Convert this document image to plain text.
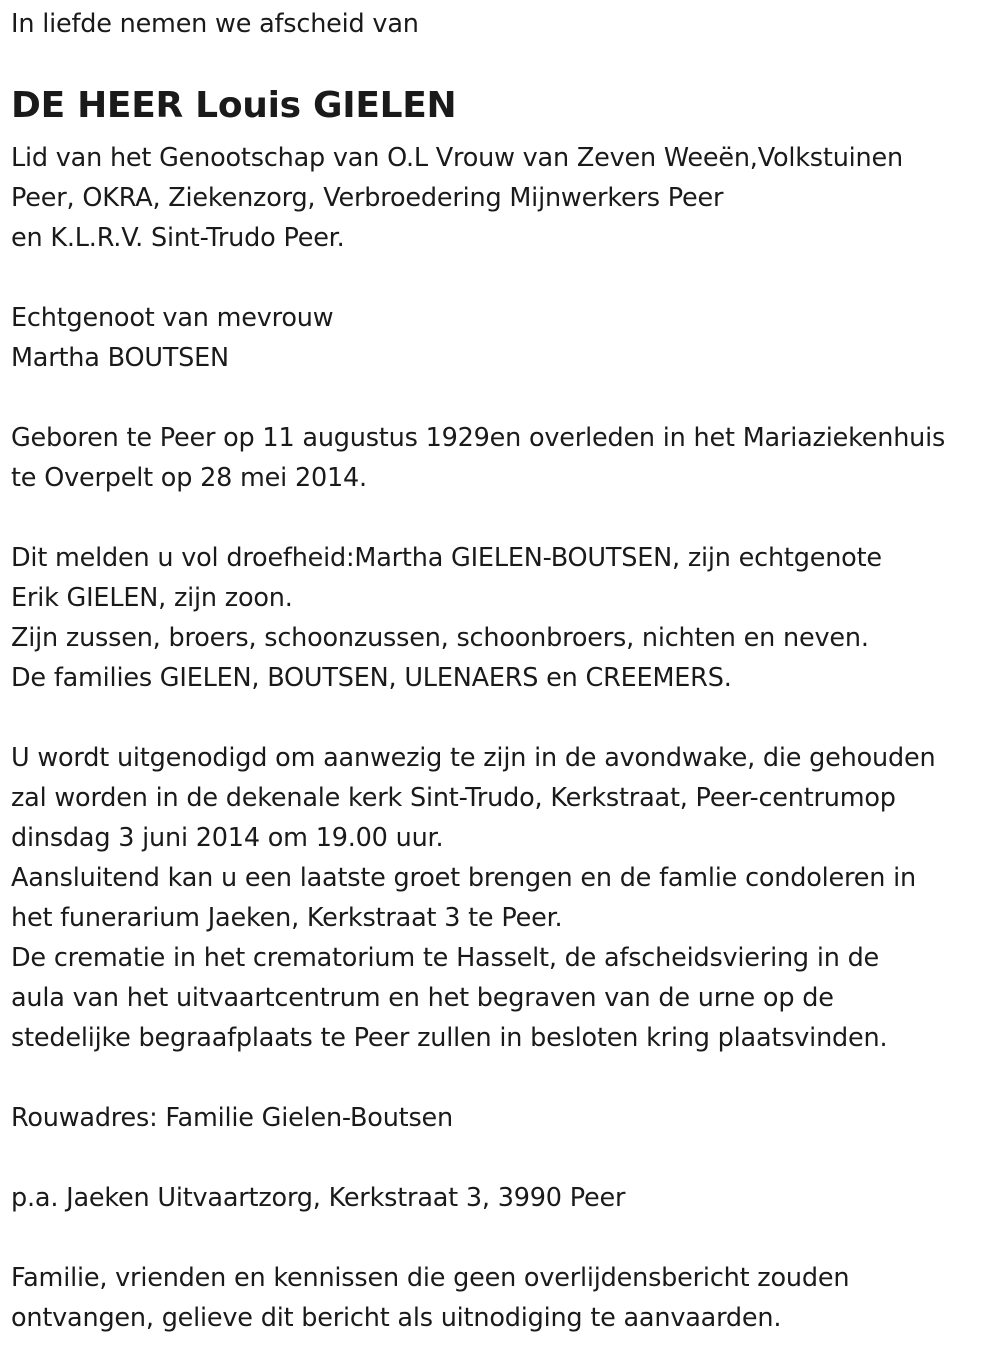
In liefde nemen we afscheid van
DE HEER Louis GIELEN
Lid van het Genootschap van O.L Vrouw van Zeven Weeën,Volkstuinen
Peer, OKRA, Ziekenzorg, Verbroedering Mijnwerkers Peer
en K.L.R.V. Sint-Trudo Peer.
Echtgenoot van mevrouw
Martha BOUTSEN
Geboren te Peer op 11 augustus 1929en overleden in het Mariaziekenhuis
te Overpelt op 28 mei 2014.
Dit melden u vol droefheid:Martha GIELEN-BOUTSEN, zijn echtgenote
Erik GIELEN, zijn zoon.
Zijn zussen, broers, schoonzussen, schoonbroers, nichten en neven.
De families GIELEN, BOUTSEN, ULENAERS en CREEMERS.
U wordt uitgenodigd om aanwezig te zijn in de avondwake, die gehouden
zal worden in de dekenale kerk Sint-Trudo, Kerkstraat, Peer-centrumop
dinsdag 3 juni 2014 om 19.00 uur.
Aansluitend kan u een laatste groet brengen en de famlie condoleren in
het funerarium Jaeken, Kerkstraat 3 te Peer.
De crematie in het crematorium te Hasselt, de afscheidsviering in de
aula van het uitvaartcentrum en het begraven van de urne op de
stedelijke begraafplaats te Peer zullen in besloten kring plaatsvinden.
Rouwadres: Familie Gielen-Boutsen
p.a. Jaeken Uitvaartzorg, Kerkstraat 3, 3990 Peer
Familie, vrienden en kennissen die geen overlijdensbericht zouden
ontvangen, gelieve dit bericht als uitnodiging te aanvaarden.
